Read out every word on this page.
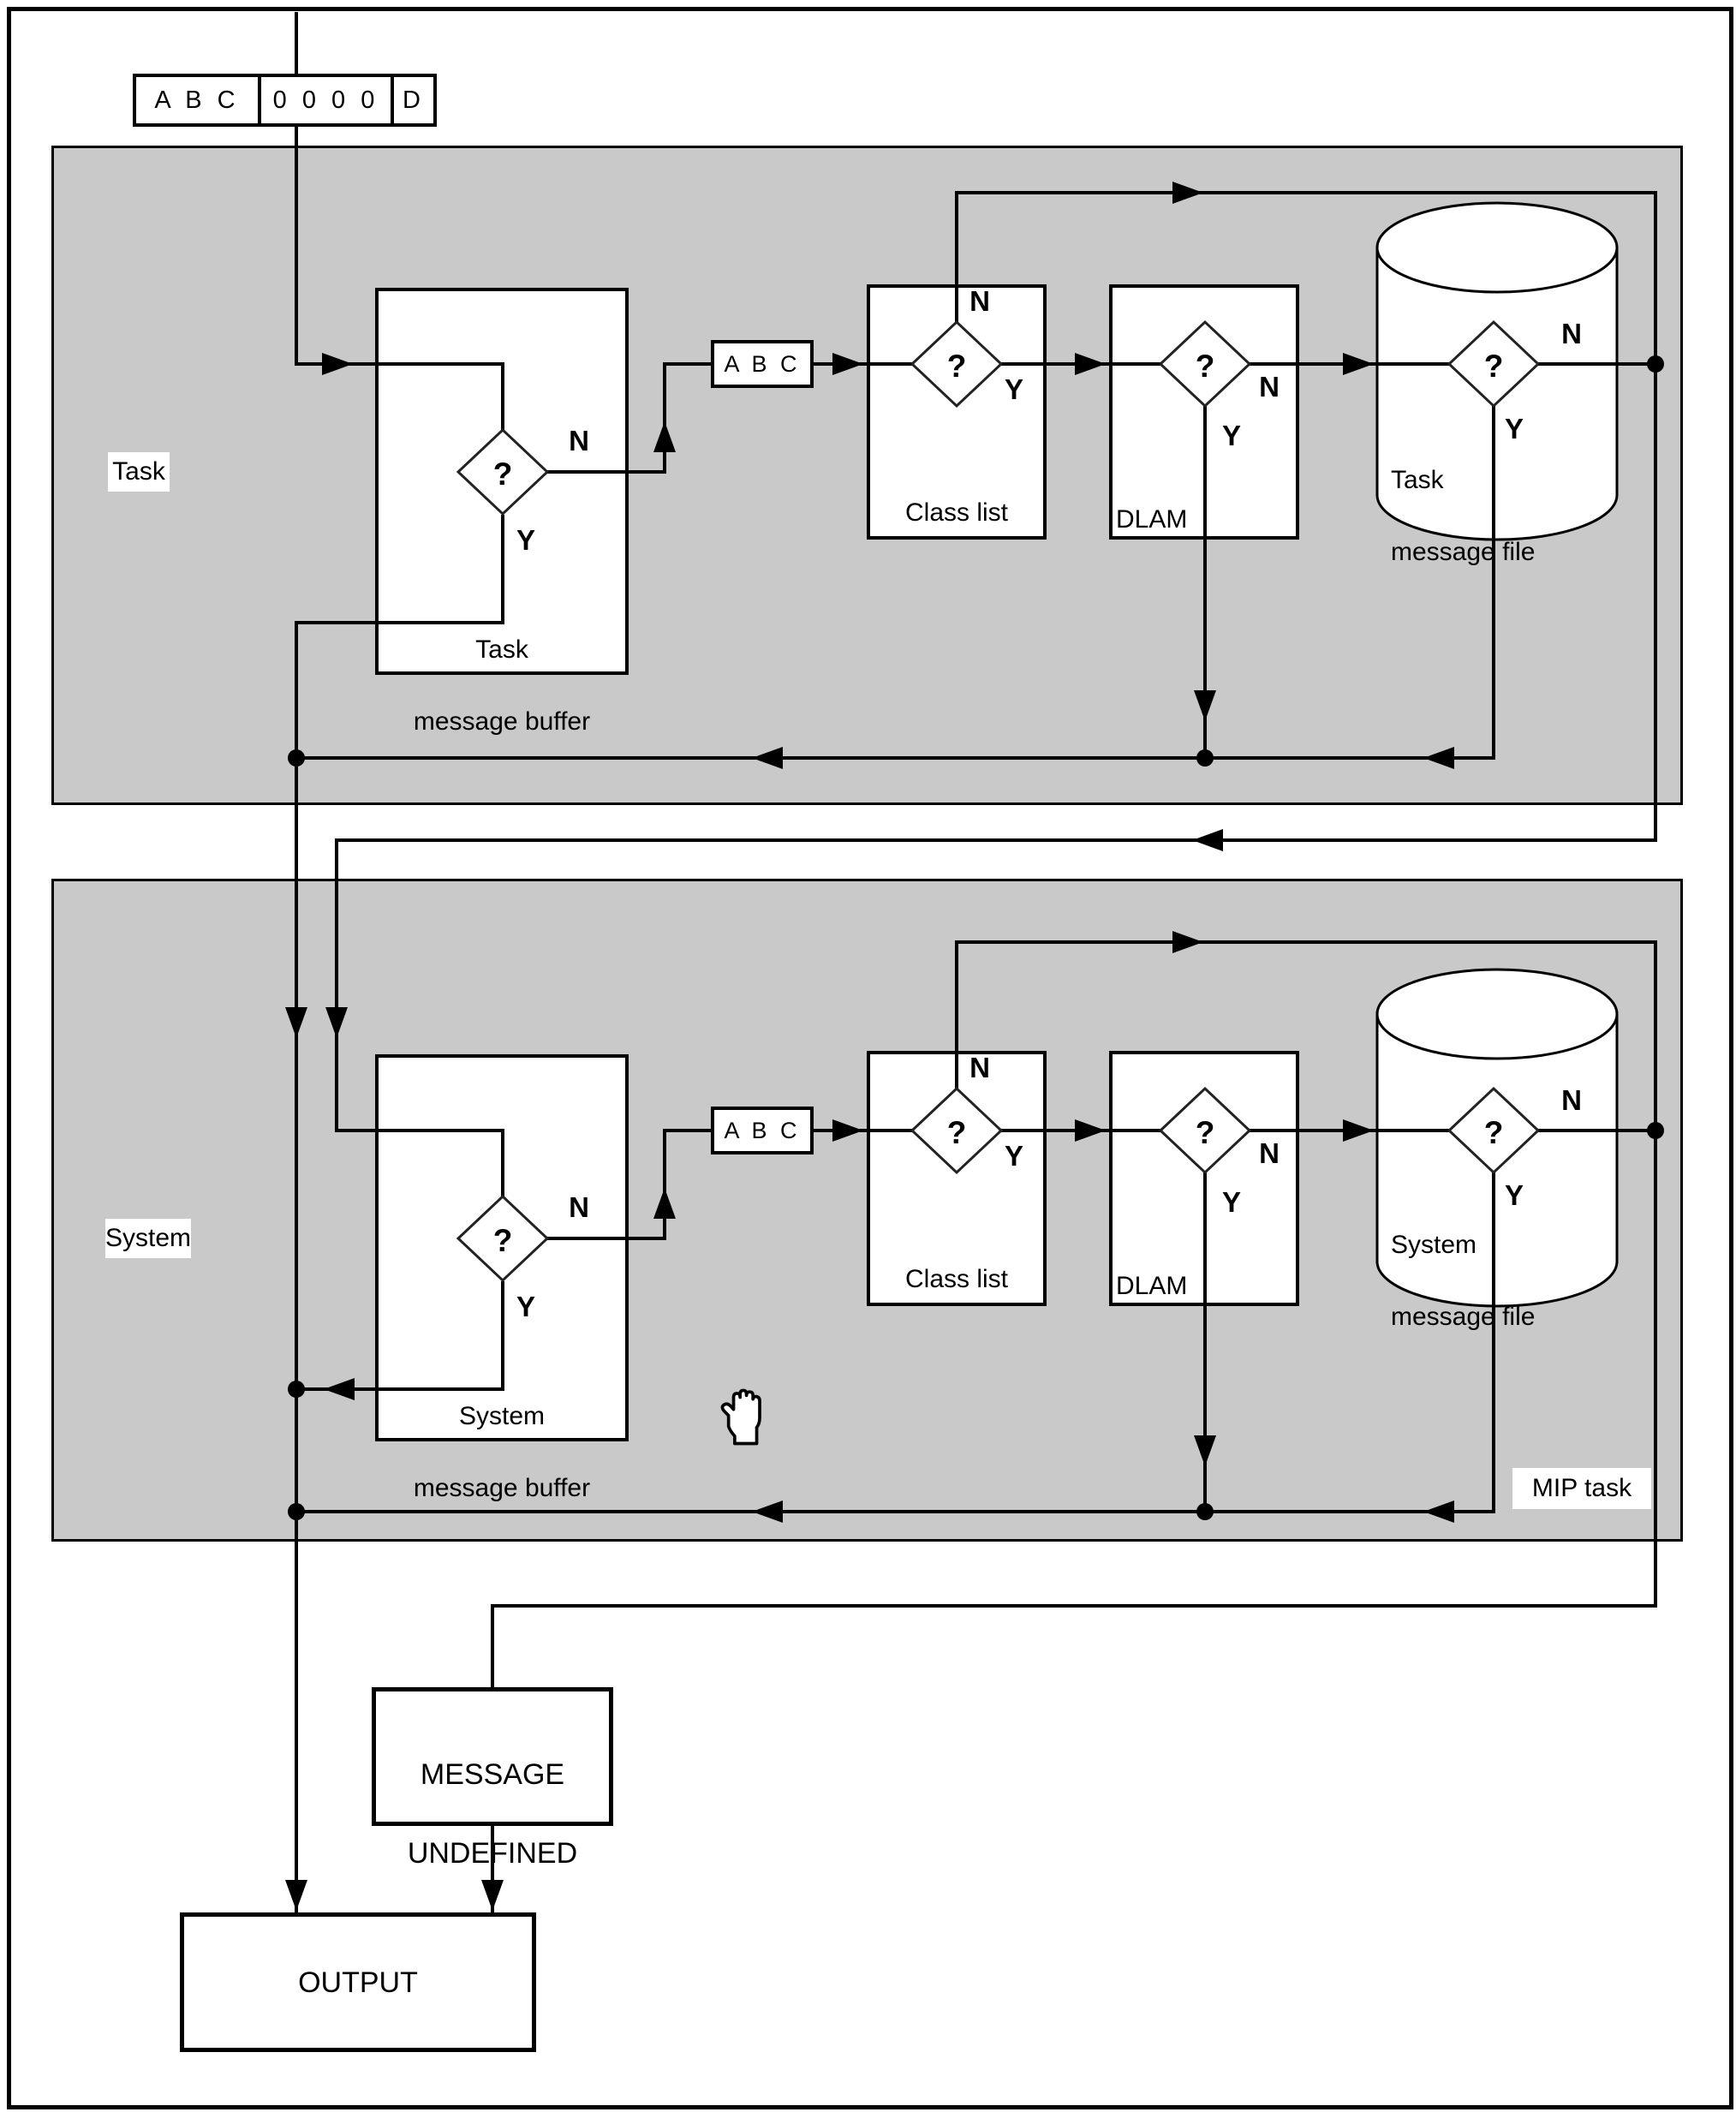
A B C	0 0 0 0 D
A B C
A B C
OUTPUT
Task
System
MIP task

Task

message buffer

System

message buffer

Class list
Class list
DLAM
DLAM

Task

message file

System

message file

MESSAGE

UNDEFINED

?
?	?	?
?
?	?	?
N
N
N
N
N
N
N
N
Y
Y
Y	Y
Y
Y
Y	Y
